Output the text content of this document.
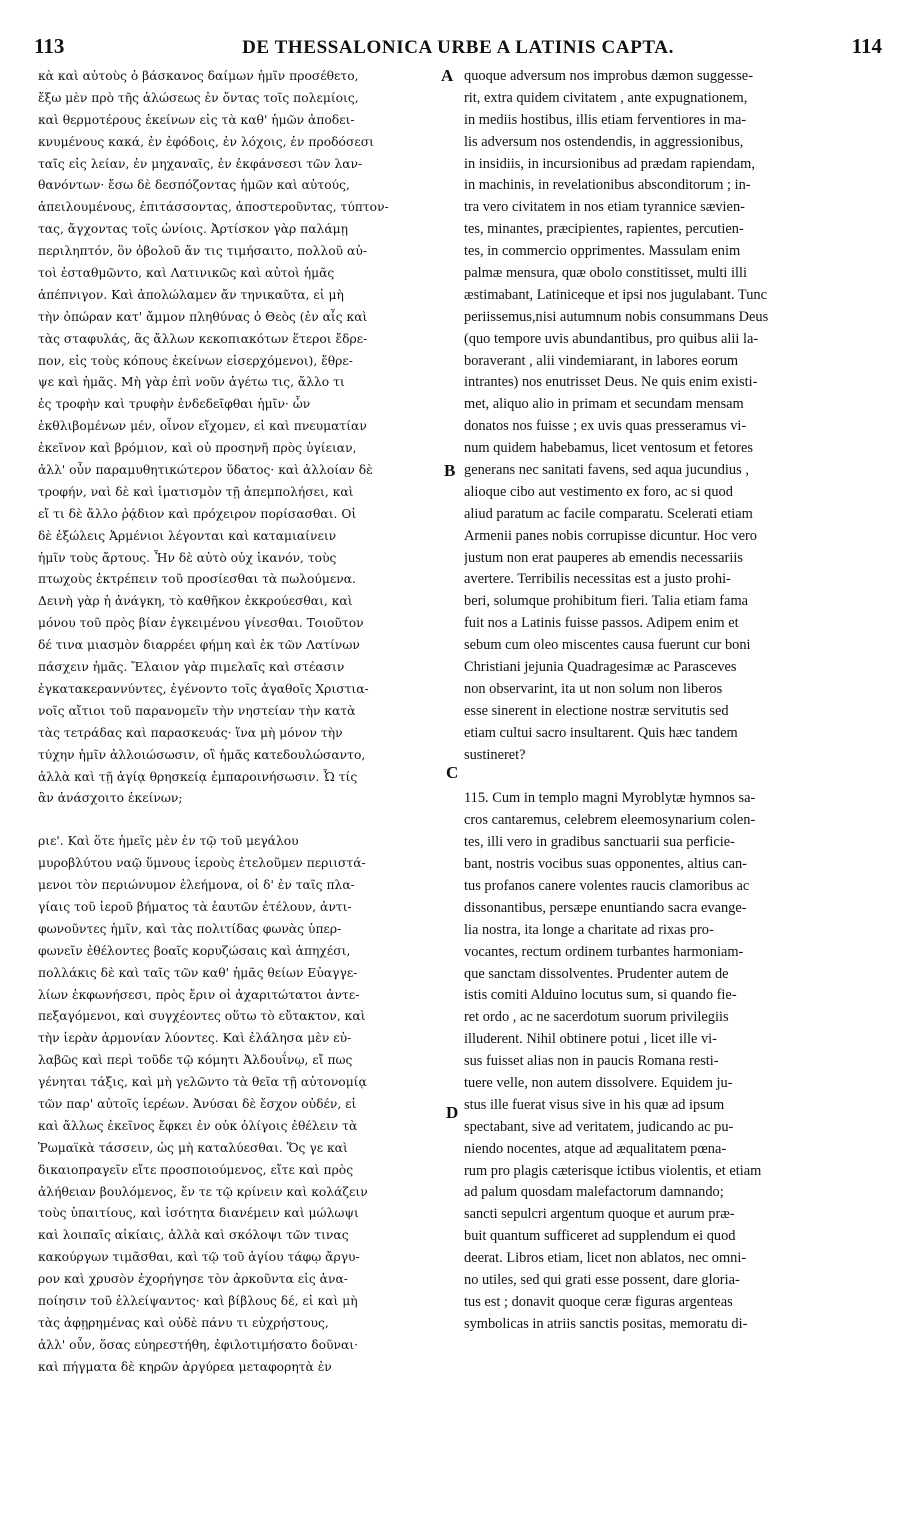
113	DE THESSALONICA URBE A LATINIS CAPTA.	114
κὰ καὶ αὐτοὺς ὁ βάσκανος δαίμων ἡμῖν προσέθετο,
ἔξω μὲν πρὸ τῆς ἁλώσεως ἐν ὄντας τοῖς πολεμίοις,
καὶ θερμοτέρους ἐκείνων εἰς τὰ καθ' ἡμῶν ἀποδει-
κνυμένους κακά, ἐν ἐφόδοις, ἐν λόχοις, ἐν προδόσεσι
ταῖς εἰς λείαν, ἐν μηχαναῖς, ἐν ἐκφάνσεσι τῶν λαν-
θανόντων· ἔσω δὲ δεσπόζοντας ἡμῶν καὶ αὐτούς,
ἀπειλουμένους, ἐπιτάσσοντας, ἀποστεροῦντας, τύπτον-
τας, ἄγχοντας τοῖς ὠνίοις. Ἀρτίσκον γὰρ παλάμῃ
περιληπτόν, ὃν ὀβολοῦ ἄν τις τιμήσαιτο, πολλοῦ αὐ-
τοὶ ἐσταθμῶντο, καὶ Λατινικῶς καὶ αὐτοὶ ἡμᾶς
ἀπέπνιγον. Καὶ ἀπολώλαμεν ἄν τηνικαῦτα, εἰ μὴ
τὴν ὀπώραν κατ' ἄμμον πληθύνας ὁ Θεὸς (ἐν αἷς καὶ
τὰς σταφυλάς, ἃς ἄλλων κεκοπιακότων ἕτεροι ἔδρε-
πον, εἰς τοὺς κόπους ἐκείνων εἰσερχόμενοι), ἔθρε-
ψε καὶ ἡμᾶς. Μὴ γὰρ ἐπὶ νοῦν ἀγέτω τις, ἄλλο τι
ἐς τροφὴν καὶ τρυφὴν ἐνδεδεῖφθαι ἡμῖν· ὧν
ἐκθλιβομένων μέν, οἶνον εἴχομεν, εἰ καὶ πνευματίαν
ἐκεῖνον καὶ βρόμιον, καὶ οὐ προσηνῆ πρὸς ὑγίειαν,
ἀλλ' οὖν παραμυθητικώτερον ὕδατος· καὶ ἀλλοίαν δὲ
τροφήν, ναὶ δὲ καὶ ἱματισμὸν τῇ ἀπεμπολήσει, καὶ
εἴ τι δὲ ἄλλο ῥᾴδιον καὶ πρόχειρον πορίσασθαι. Οἱ
δὲ ἐξώλεις Ἀρμένιοι λέγονται καὶ καταμιαίνειν
ἡμῖν τοὺς ἄρτους. Ἦν δὲ αὐτὸ οὐχ ἱκανόν, τοὺς
πτωχοὺς ἐκτρέπειν τοῦ προσίεσθαι τὰ πωλούμενα.
Δεινὴ γὰρ ἡ ἀνάγκη, τὸ καθῆκον ἐκκρούεσθαι, καὶ
μόνου τοῦ πρὸς βίαν ἐγκειμένου γίνεσθαι. Τοιοῦτον
δέ τινα μιασμὸν διαρρέει φήμη καὶ ἐκ τῶν Λατίνων
πάσχειν ἡμᾶς. Ἔλαιον γὰρ πιμελαῖς καὶ στέασιν
ἐγκατακεραννύντες, ἐγένοντο τοῖς ἀγαθοῖς Χριστια-
νοῖς αἴτιοι τοῦ παρανομεῖν τὴν νηστείαν τὴν κατὰ
τὰς τετράδας καὶ παρασκευάς· ἵνα μὴ μόνον τὴν
τύχην ἡμῖν ἀλλοιώσωσιν, οἳ ἡμᾶς κατεδουλώσαντο,
ἀλλὰ καὶ τῇ ἁγίᾳ θρησκείᾳ ἐμπαροινήσωσιν. Ὦ τίς
ἂν ἀνάσχοιτο ἐκείνων;
ριε'. Καὶ ὅτε ἡμεῖς μὲν ἐν τῷ τοῦ μεγάλου
μυροβλύτου ναῷ ὕμνους ἱεροὺς ἐτελοῦμεν περιιστά-
μενοι τὸν περιώνυμον ἐλεήμονα, οἱ δ' ἐν ταῖς πλα-
γίαις τοῦ ἱεροῦ βήματος τὰ ἑαυτῶν ἐτέλουν, ἀντι-
φωνοῦντες ἡμῖν, καὶ τὰς πολιτίδας φωνὰς ὑπερ-
φωνεῖν ἐθέλοντες βοαῖς κορυζώσαις καὶ ἀπηχέσι,
πολλάκις δὲ καὶ ταῖς τῶν καθ' ἡμᾶς θείων Εὐαγγε-
λίων ἐκφωνήσεσι, πρὸς ἔριν οἱ ἀχαριτώτατοι ἀντε-
πεξαγόμενοι, καὶ συγχέοντες οὕτω τὸ εὔτακτον, καὶ
τὴν ἱερὰν ἁρμονίαν λύοντες. Καὶ ἐλάλησα μὲν εὐ-
λαβῶς καὶ περὶ τοῦδε τῷ κόμητι Ἀλδουΐνῳ, εἴ πως
γένηται τάξις, καὶ μὴ γελῶντο τὰ θεῖα τῇ αὐτονομίᾳ
τῶν παρ' αὐτοῖς ἱερέων. Ἀνύσαι δὲ ἔσχον οὐδέν, εἰ
καὶ ἄλλως ἐκεῖνος ἔφκει ἐν οὐκ ὀλίγοις ἐθέλειν τὰ
Ῥωμαϊκὰ τάσσειν, ὡς μὴ καταλύεσθαι. Ὅς γε καὶ
δικαιοπραγεῖν εἴτε προσποιούμενος, εἴτε καὶ πρὸς
ἀλήθειαν βουλόμενος, ἔν τε τῷ κρίνειν καὶ κολάζειν
τοὺς ὑπαιτίους, καὶ ἰσότητα διανέμειν καὶ μώλωψι
καὶ λοιπαῖς αἰκίαις, ἀλλὰ καὶ σκόλοψι τῶν τινας
κακούργων τιμᾶσθαι, καὶ τῷ τοῦ ἁγίου τάφῳ ἄργυ-
ρον καὶ χρυσὸν ἐχορήγησε τὸν ἀρκοῦντα εἰς ἀνα-
ποίησιν τοῦ ἐλλείψαντος· καὶ βίβλους δέ, εἰ καὶ μὴ
τὰς ἀφῃρημένας καὶ οὐδὲ πάνυ τι εὐχρήστους,
ἀλλ' οὖν, ὅσας εὐηρεστήθη, ἐφιλοτιμήσατο δοῦναι·
καὶ πήγματα δὲ κηρῶν ἀργύρεα μεταφορητὰ ἐν
quoque adversum nos improbus dæmon suggesse-
rit, extra quidem civitatem , ante expugnationem,
in mediis hostibus, illis etiam ferventiores in ma-
lis adversum nos ostendendis, in aggressionibus,
in insidiis, in incursionibus ad prædam rapiendam,
in machinis, in revelationibus absconditorum ; in-
tra vero civitatem in nos etiam tyrannice sævien-
tes, minantes, præcipientes, rapientes, percutien-
tes, in commercio opprimentes. Massulam enim
palmæ mensura, quæ obolo constitisset, multi illi
æstimabant, Latiniceque et ipsi nos jugulabant. Tunc
periissemus,nisi autumnum nobis consummans Deus
(quo tempore uvis abundantibus, pro quibus alii la-
boraverant , alii vindemiarant, in labores eorum
intrantes) nos enutrisset Deus. Ne quis enim existi-
met, aliquo alio in primam et secundam mensam
donatos nos fuisse ; ex uvis quas presseramus vi-
num quidem habebamus, licet ventosum et fetores
generans nec sanitati favens, sed aqua jucundius ,
alioque cibo aut vestimento ex foro, ac si quod
aliud paratum ac facile comparatu. Scelerati etiam
Armenii panes nobis corrupisse dicuntur. Hoc vero
justum non erat pauperes ab emendis necessariis
avertere. Terribilis necessitas est a justo prohi-
beri, solumque prohibitum fieri. Talia etiam fama
fuit nos a Latinis fuisse passos. Adipem enim et
sebum cum oleo miscentes causa fuerunt cur boni
Christiani jejunia Quadragesimæ ac Parasceves
non observarint, ita ut non solum non liberos
esse sinerent in electione nostræ servitutis sed
etiam cultui sacro insultarent. Quis hæc tandem
sustineret?
115. Cum in templo magni Myroblytæ hymnos sa-
cros cantaremus, celebrem eleemosynarium colen-
tes, illi vero in gradibus sanctuarii sua perficie-
bant, nostris vocibus suas opponentes, altius can-
tus profanos canere volentes raucis clamoribus ac
dissonantibus, persæpe enuntiando sacra evange-
lia nostra, ita longe a charitate ad rixas pro-
vocantes, rectum ordinem turbantes harmoniam-
que sanctam dissolventes. Prudenter autem de
istis comiti Alduino locutus sum, si quando fie-
ret ordo , ac ne sacerdotum suorum privilegiis
illuderent. Nihil obtinere potui , licet ille vi-
sus fuisset alias non in paucis Romana resti-
tuere velle, non autem dissolvere. Equidem ju-
stus ille fuerat visus sive in his quæ ad ipsum
spectabant, sive ad veritatem, judicando ac pu-
niendo nocentes, atque ad æqualitatem pœna-
rum pro plagis cæterisque ictibus violentis, et etiam
ad palum quosdam malefactorum damnando;
sancti sepulcri argentum quoque et aurum præ-
buit quantum sufficeret ad supplendum ei quod
deerat. Libros etiam, licet non ablatos, nec omni-
no utiles, sed qui grati esse possent, dare gloria-
tus est ; donavit quoque ceræ figuras argenteas
symbolicas in atriis sanctis positas, memoratu di-
A
B
C
D
